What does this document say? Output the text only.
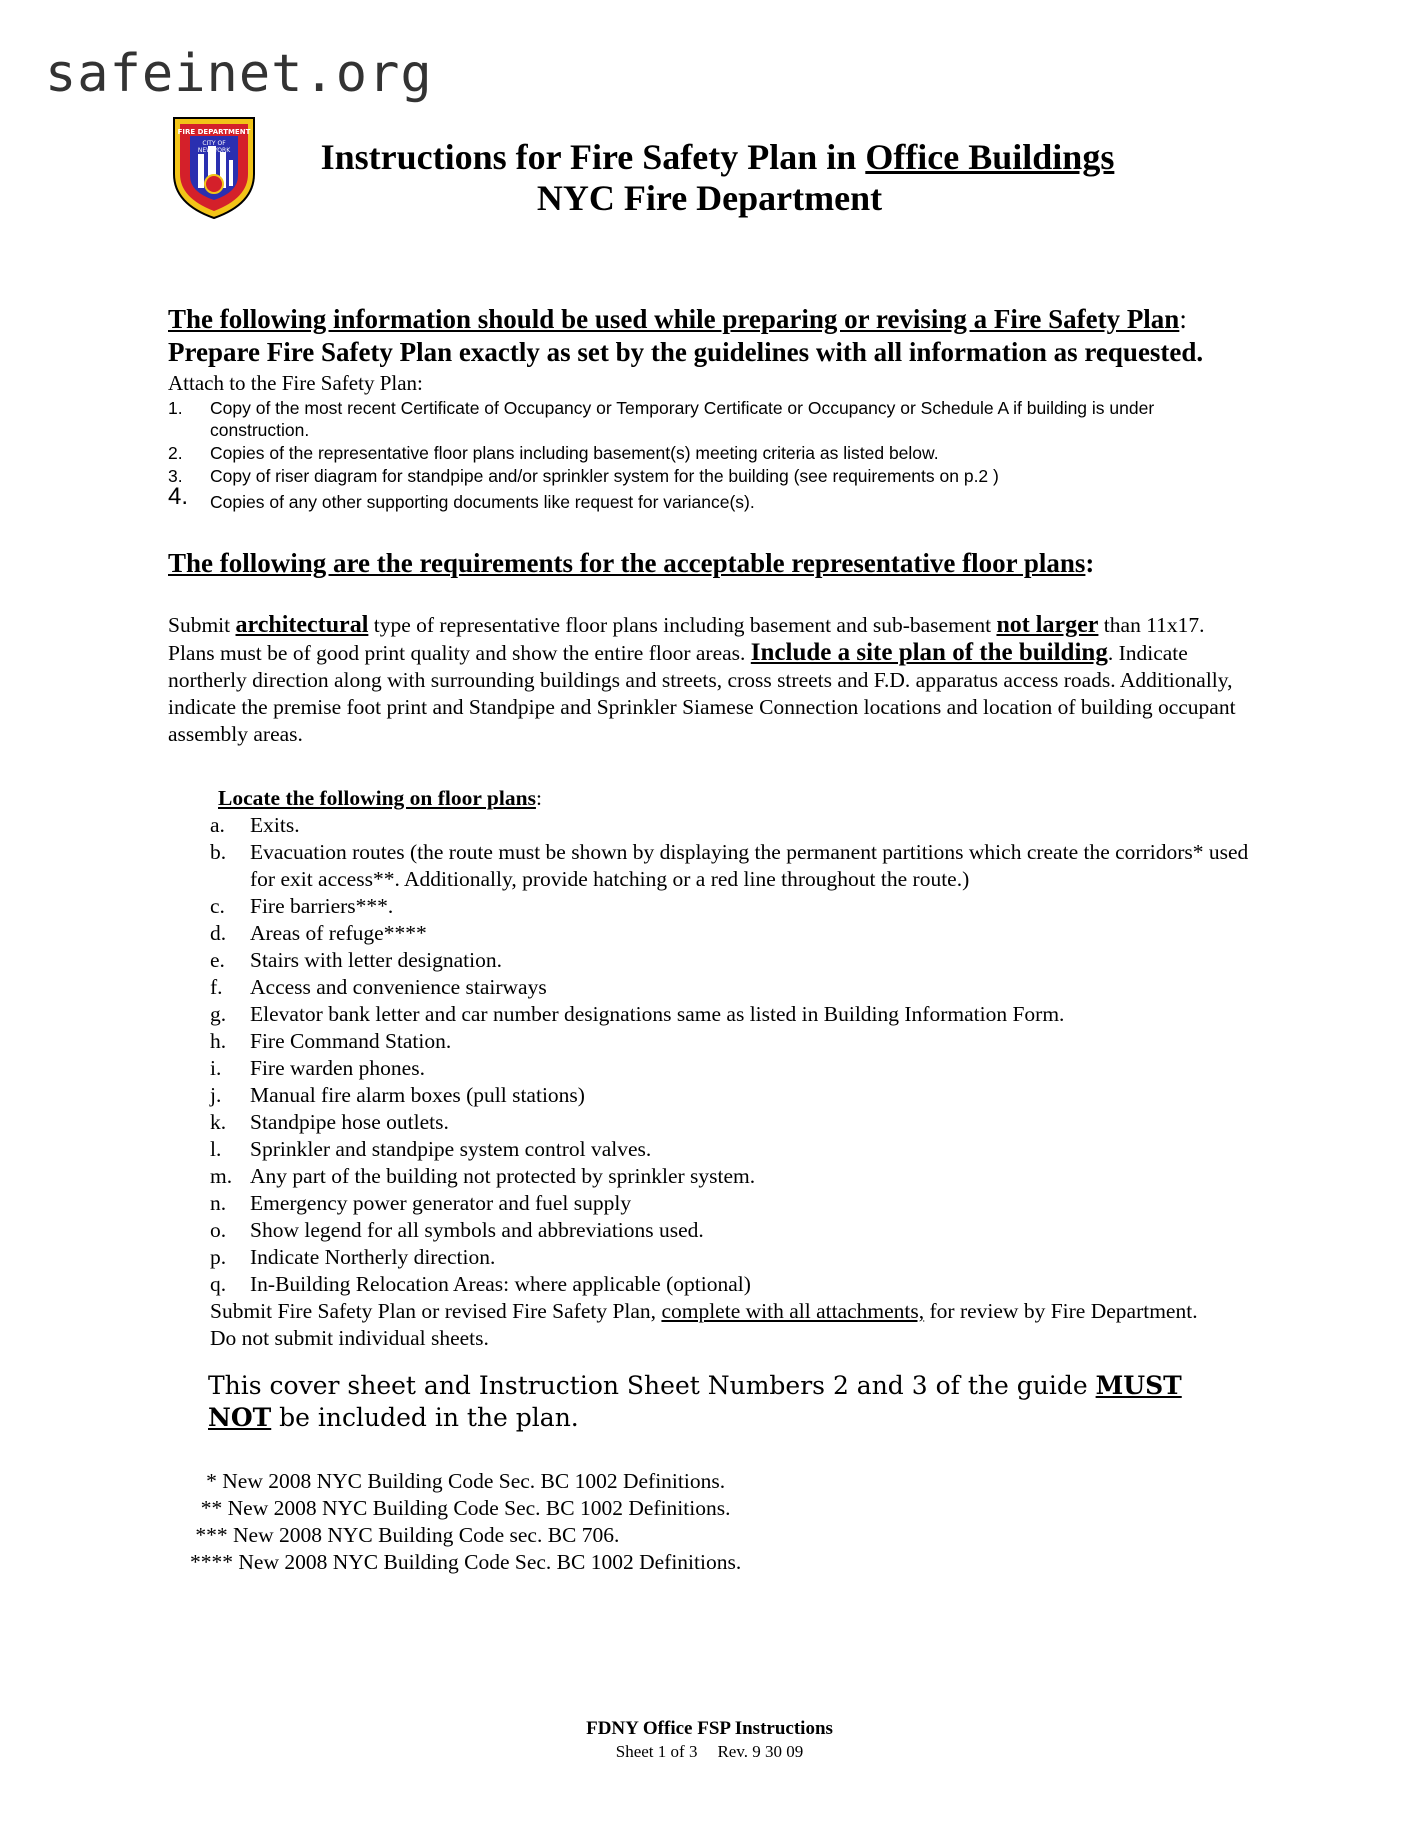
safeinet.org
FIRE DEPARTMENT
CITY OF
NEW YORK	Instructions for Fire Safety Plan in Office Buildings
NYC Fire Department
The following information should be used while preparing or revising a Fire Safety Plan:
Prepare Fire Safety Plan exactly as set by the guidelines with all information as requested.
Attach to the Fire Safety Plan:
1. Copy of the most recent Certificate of Occupancy or Temporary Certificate or Occupancy or Schedule A if building is under construction.
2. Copies of the representative floor plans including basement(s) meeting criteria as listed below.
3. Copy of riser diagram for standpipe and/or sprinkler system for the building (see requirements on p.2 )
4. Copies of any other supporting documents like request for variance(s).
The following are the requirements for the acceptable representative floor plans:
Submit architectural type of representative floor plans including basement and sub-basement not larger than 11x17. Plans must be of good print quality and show the entire floor areas. Include a site plan of the building. Indicate northerly direction along with surrounding buildings and streets, cross streets and F.D. apparatus access roads. Additionally, indicate the premise foot print and Standpipe and Sprinkler Siamese Connection locations and location of building occupant assembly areas.
Locate the following on floor plans:
a. Exits.
b. Evacuation routes (the route must be shown by displaying the permanent partitions which create the corridors* used for exit access**. Additionally, provide hatching or a red line throughout the route.)
c. Fire barriers***.
d. Areas of refuge****
e. Stairs with letter designation.
f. Access and convenience stairways
g. Elevator bank letter and car number designations same as listed in Building Information Form.
h. Fire Command Station.
i. Fire warden phones.
j. Manual fire alarm boxes (pull stations)
k. Standpipe hose outlets.
l. Sprinkler and standpipe system control valves.
m. Any part of the building not protected by sprinkler system.
n. Emergency power generator and fuel supply
o. Show legend for all symbols and abbreviations used.
p. Indicate Northerly direction.
q. In-Building Relocation Areas: where applicable (optional)
Submit Fire Safety Plan or revised Fire Safety Plan, complete with all attachments, for review by Fire Department. Do not submit individual sheets.
This cover sheet and Instruction Sheet Numbers 2 and 3 of the guide MUST NOT be included in the plan.
* New 2008 NYC Building Code Sec. BC 1002 Definitions.
** New 2008 NYC Building Code Sec. BC 1002 Definitions.
*** New 2008 NYC Building Code sec. BC 706.
**** New 2008 NYC Building Code Sec. BC 1002 Definitions.
FDNY Office FSP Instructions
Sheet 1 of 3 Rev. 9 30 09
